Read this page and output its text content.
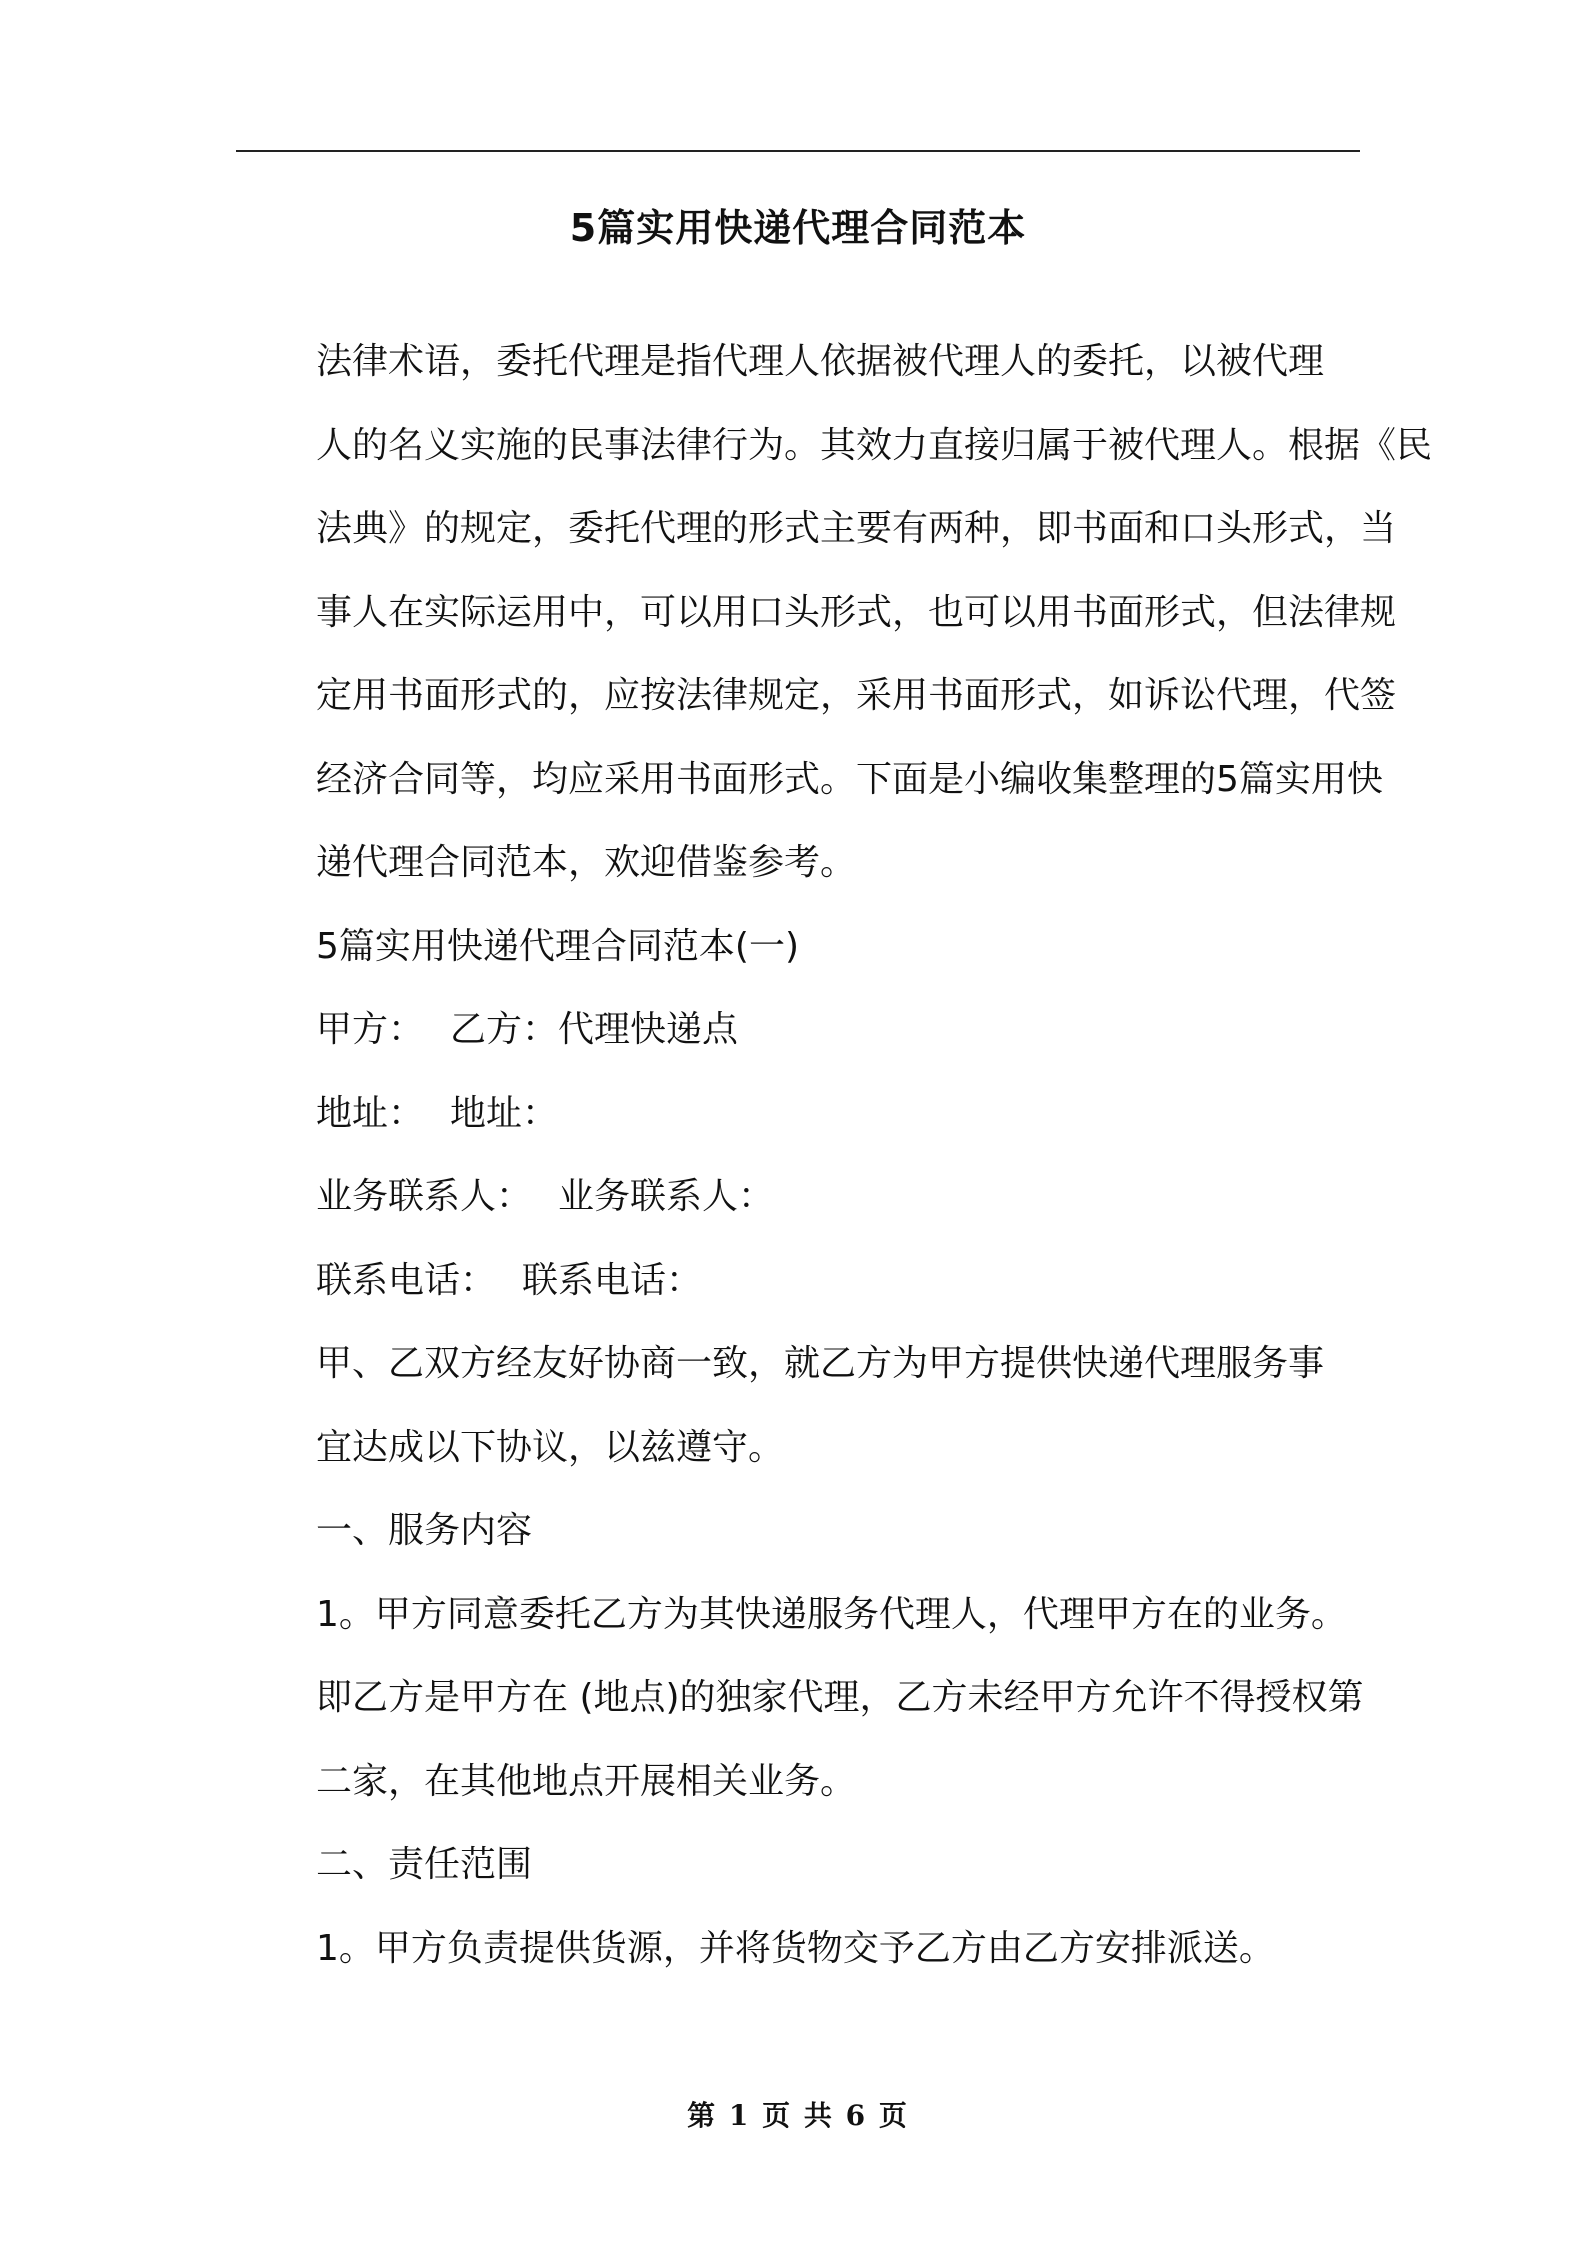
5篇实用快递代理合同范本

法律术语，委托代理是指代理人依据被代理人的委托，以被代理
人的名义实施的民事法律行为。其效力直接归属于被代理人。根据《民
法典》的规定，委托代理的形式主要有两种，即书面和口头形式，当
事人在实际运用中，可以用口头形式，也可以用书面形式，但法律规
定用书面形式的，应按法律规定，采用书面形式，如诉讼代理，代签
经济合同等，均应采用书面形式。下面是小编收集整理的5篇实用快
递代理合同范本，欢迎借鉴参考。

5篇实用快递代理合同范本(一)

甲方： 乙方：代理快递点

地址： 地址：

业务联系人： 业务联系人：

联系电话： 联系电话：

甲、乙双方经友好协商一致，就乙方为甲方提供快递代理服务事
宜达成以下协议，以兹遵守。

一、服务内容

1。甲方同意委托乙方为其快递服务代理人，代理甲方在的业务。
即乙方是甲方在 (地点)的独家代理，乙方未经甲方允许不得授权第
二家，在其他地点开展相关业务。

二、责任范围

1。甲方负责提供货源，并将货物交予乙方由乙方安排派送。

第 1 页 共 6 页
